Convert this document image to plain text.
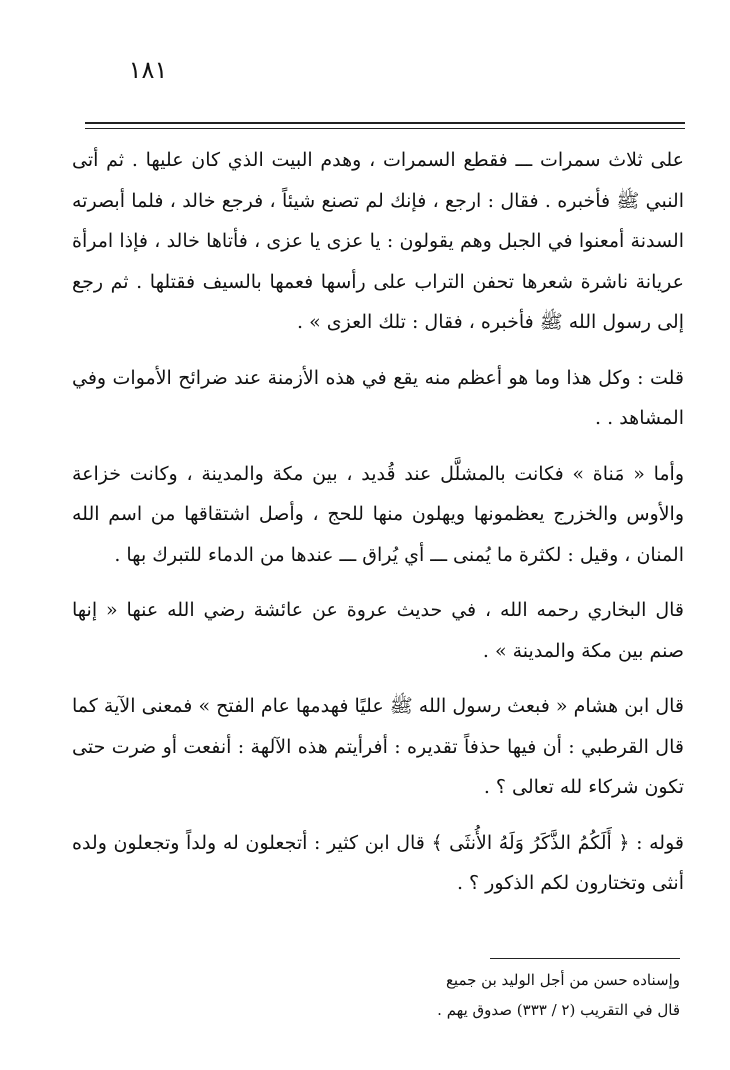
١٨١

على ثلاث سمرات ـــ فقطع السمرات ، وهدم البيت الذي كان عليها . ثم أتى النبي ﷺ فأخبره . فقال : ارجع ، فإنك لم تصنع شيئاً ، فرجع خالد ، فلما أبصرته السدنة أمعنوا في الجبل وهم يقولون : يا عزى يا عزى ، فأتاها خالد ، فإذا امرأة عريانة ناشرة شعرها تحفن التراب على رأسها فعمها بالسيف فقتلها . ثم رجع إلى رسول الله ﷺ فأخبره ، فقال : تلك العزى » .

قلت : وكل هذا وما هو أعظم منه يقع في هذه الأزمنة عند ضرائح الأموات وفي المشاهد . .

وأما « مَناة » فكانت بالمشلَّل عند قُديد ، بين مكة والمدينة ، وكانت خزاعة والأوس والخزرج يعظمونها ويهلون منها للحج ، وأصل اشتقاقها من اسم الله المنان ، وقيل : لكثرة ما يُمنى ـــ أي يُراق ـــ عندها من الدماء للتبرك بها .

قال البخاري رحمه الله ، في حديث عروة عن عائشة رضي الله عنها « إنها صنم بين مكة والمدينة » .

قال ابن هشام « فبعث رسول الله ﷺ عليًا فهدمها عام الفتح » فمعنى الآية كما قال القرطبي : أن فيها حذفاً تقديره : أفرأيتم هذه الآلهة : أنفعت أو ضرت حتى تكون شركاء لله تعالى ؟ .

قوله : ﴿ أَلَكُمُ الذَّكَرُ وَلَهُ الأُنثَى ﴾ قال ابن كثير : أتجعلون له ولداً وتجعلون ولده أنثى وتختارون لكم الذكور ؟ .

وإسناده حسن من أجل الوليد بن جميع
قال في التقريب (٢ / ٣٣٣) صدوق يهم .
